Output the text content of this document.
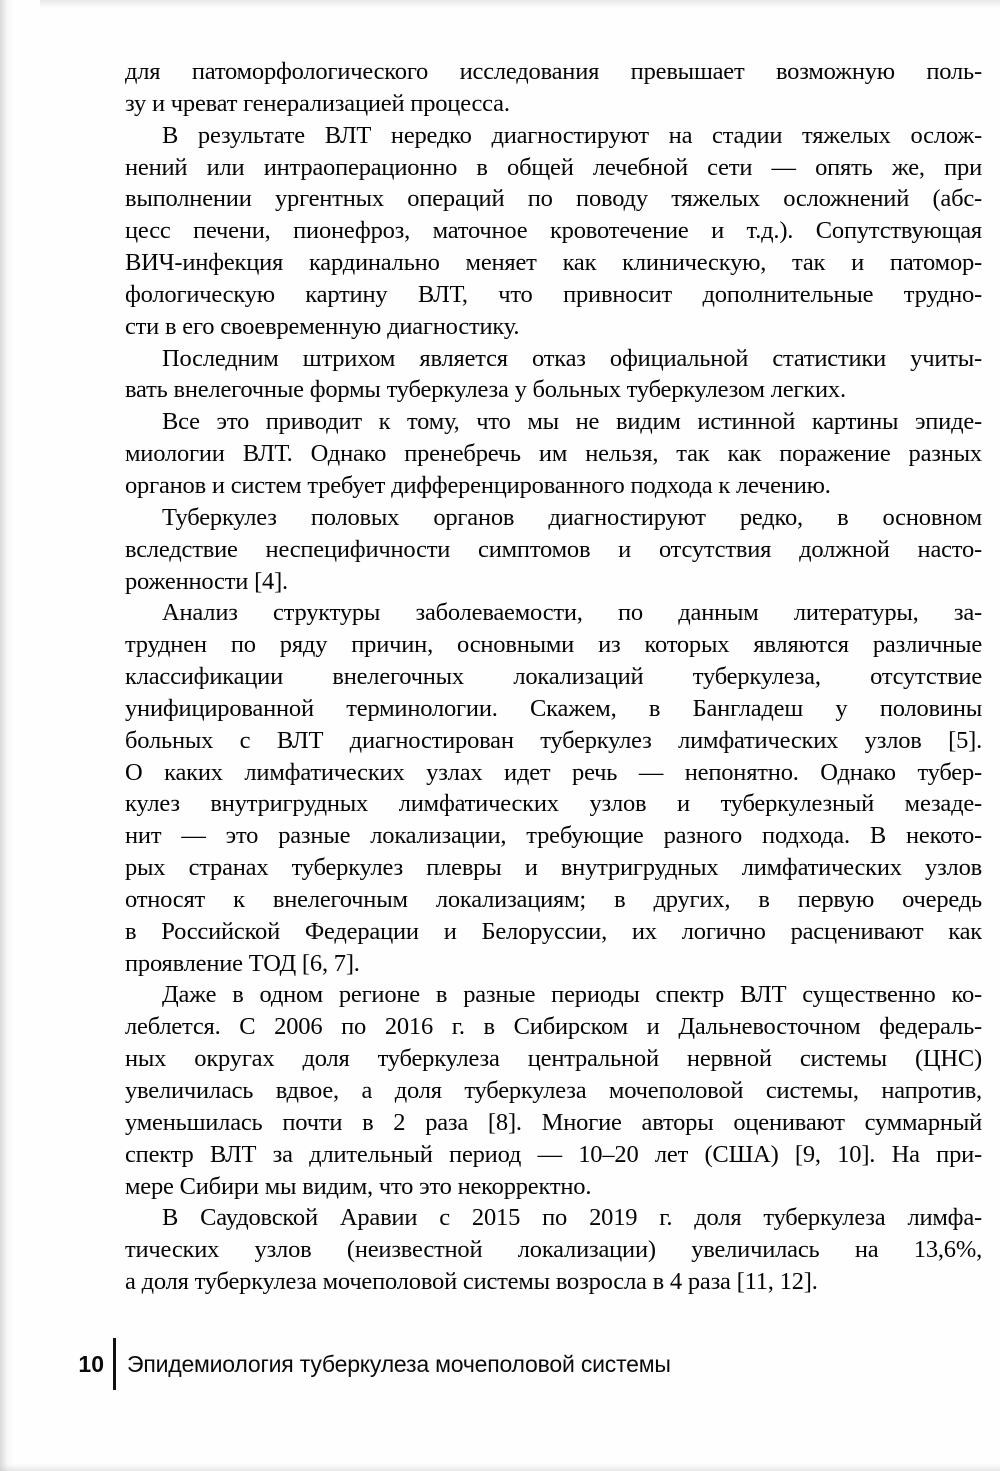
для патоморфологического исследования превышает возможную поль-
зу и чреват генерализацией процесса.
В результате ВЛТ нередко диагностируют на стадии тяжелых ослож-
нений или интраоперационно в общей лечебной сети — опять же, при
выполнении ургентных операций по поводу тяжелых осложнений (абс-
цесс печени, пионефроз, маточное кровотечение и т.д.). Сопутствующая
ВИЧ-инфекция кардинально меняет как клиническую, так и патомор-
фологическую картину ВЛТ, что привносит дополнительные трудно-
сти в его своевременную диагностику.
Последним штрихом является отказ официальной статистики учиты-
вать внелегочные формы туберкулеза у больных туберкулезом легких.
Все это приводит к тому, что мы не видим истинной картины эпиде-
миологии ВЛТ. Однако пренебречь им нельзя, так как поражение разных
органов и систем требует дифференцированного подхода к лечению.
Туберкулез половых органов диагностируют редко, в основном
вследствие неспецифичности симптомов и отсутствия должной насто-
роженности [4].
Анализ структуры заболеваемости, по данным литературы, за-
труднен по ряду причин, основными из которых являются различные
классификации внелегочных локализаций туберкулеза, отсутствие
унифицированной терминологии. Скажем, в Бангладеш у половины
больных с ВЛТ диагностирован туберкулез лимфатических узлов [5].
О каких лимфатических узлах идет речь — непонятно. Однако тубер-
кулез внутригрудных лимфатических узлов и туберкулезный мезаде-
нит — это разные локализации, требующие разного подхода. В некото-
рых странах туберкулез плевры и внутригрудных лимфатических узлов
относят к внелегочным локализациям; в других, в первую очередь
в Российской Федерации и Белоруссии, их логично расценивают как
проявление ТОД [6, 7].
Даже в одном регионе в разные периоды спектр ВЛТ существенно ко-
леблется. С 2006 по 2016 г. в Сибирском и Дальневосточном федераль-
ных округах доля туберкулеза центральной нервной системы (ЦНС)
увеличилась вдвое, а доля туберкулеза мочеполовой системы, напротив,
уменьшилась почти в 2 раза [8]. Многие авторы оценивают суммарный
спектр ВЛТ за длительный период — 10–20 лет (США) [9, 10]. На при-
мере Сибири мы видим, что это некорректно.
В Саудовской Аравии с 2015 по 2019 г. доля туберкулеза лимфа-
тических узлов (неизвестной локализации) увеличилась на 13,6%,
а доля туберкулеза мочеполовой системы возросла в 4 раза [11, 12].
10 Эпидемиология туберкулеза мочеполовой системы
